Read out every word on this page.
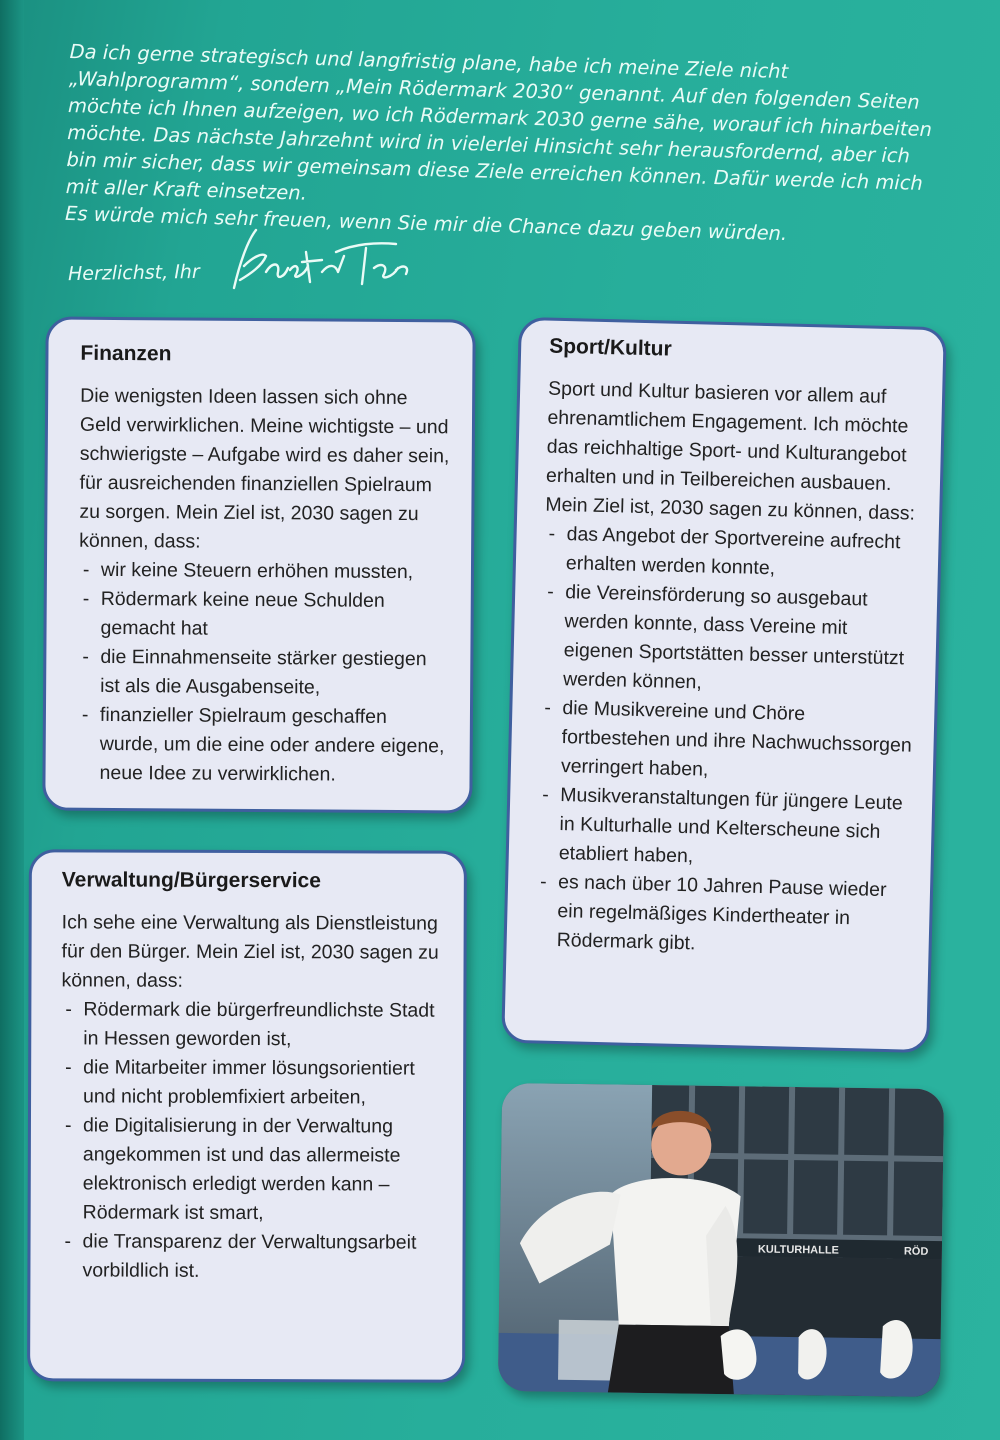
Da ich gerne strategisch und langfristig plane, habe ich meine Ziele nicht „Wahlprogramm“, sondern „Mein Rödermark 2030“ genannt. Auf den folgenden Seiten möchte ich Ihnen aufzeigen, wo ich Rödermark 2030 gerne sähe, worauf ich hinarbeiten möchte. Das nächste Jahrzehnt wird in vielerlei Hinsicht sehr herausfordernd, aber ich bin mir sicher, dass wir gemeinsam diese Ziele erreichen können. Dafür werde ich mich mit aller Kraft einsetzen.

Es würde mich sehr freuen, wenn Sie mir die Chance dazu geben würden.

Herzlichst, Ihr
Finanzen

Die wenigsten Ideen lassen sich ohne Geld verwirklichen. Meine wichtigste – und schwierigste – Aufgabe wird es daher sein, für ausreichenden finanziellen Spielraum zu sorgen. Mein Ziel ist, 2030 sagen zu können, dass:

- wir keine Steuern erhöhen mussten,
- Rödermark keine neue Schulden gemacht hat
- die Einnahmenseite stärker gestiegen ist als die Ausgabenseite,
- finanzieller Spielraum geschaffen wurde, um die eine oder andere eigene, neue Idee zu verwirklichen.
Sport/Kultur

Sport und Kultur basieren vor allem auf ehrenamtlichem Engagement. Ich möchte das reichhaltige Sport- und Kulturangebot erhalten und in Teilbereichen ausbauen. Mein Ziel ist, 2030 sagen zu können, dass:

- das Angebot der Sportvereine aufrecht erhalten werden konnte,
- die Vereinsförderung so ausgebaut werden konnte, dass Vereine mit eigenen Sportstätten besser unterstützt werden können,
- die Musikvereine und Chöre fortbestehen und ihre Nachwuchssorgen verringert haben,
- Musikveranstaltungen für jüngere Leute in Kulturhalle und Kelterscheune sich etabliert haben,
- es nach über 10 Jahren Pause wieder ein regelmäßiges Kindertheater in Rödermark gibt.
Verwaltung/Bürgerservice

Ich sehe eine Verwaltung als Dienstleistung für den Bürger. Mein Ziel ist, 2030 sagen zu können, dass:

- Rödermark die bürgerfreundlichste Stadt in Hessen geworden ist,
- die Mitarbeiter immer lösungsorientiert und nicht problemfixiert arbeiten,
- die Digitalisierung in der Verwaltung angekommen ist und das allermeiste elektronisch erledigt werden kann – Rödermark ist smart,
- die Transparenz der Verwaltungsarbeit vorbildlich ist.
KULTURHALLE	RÖD
